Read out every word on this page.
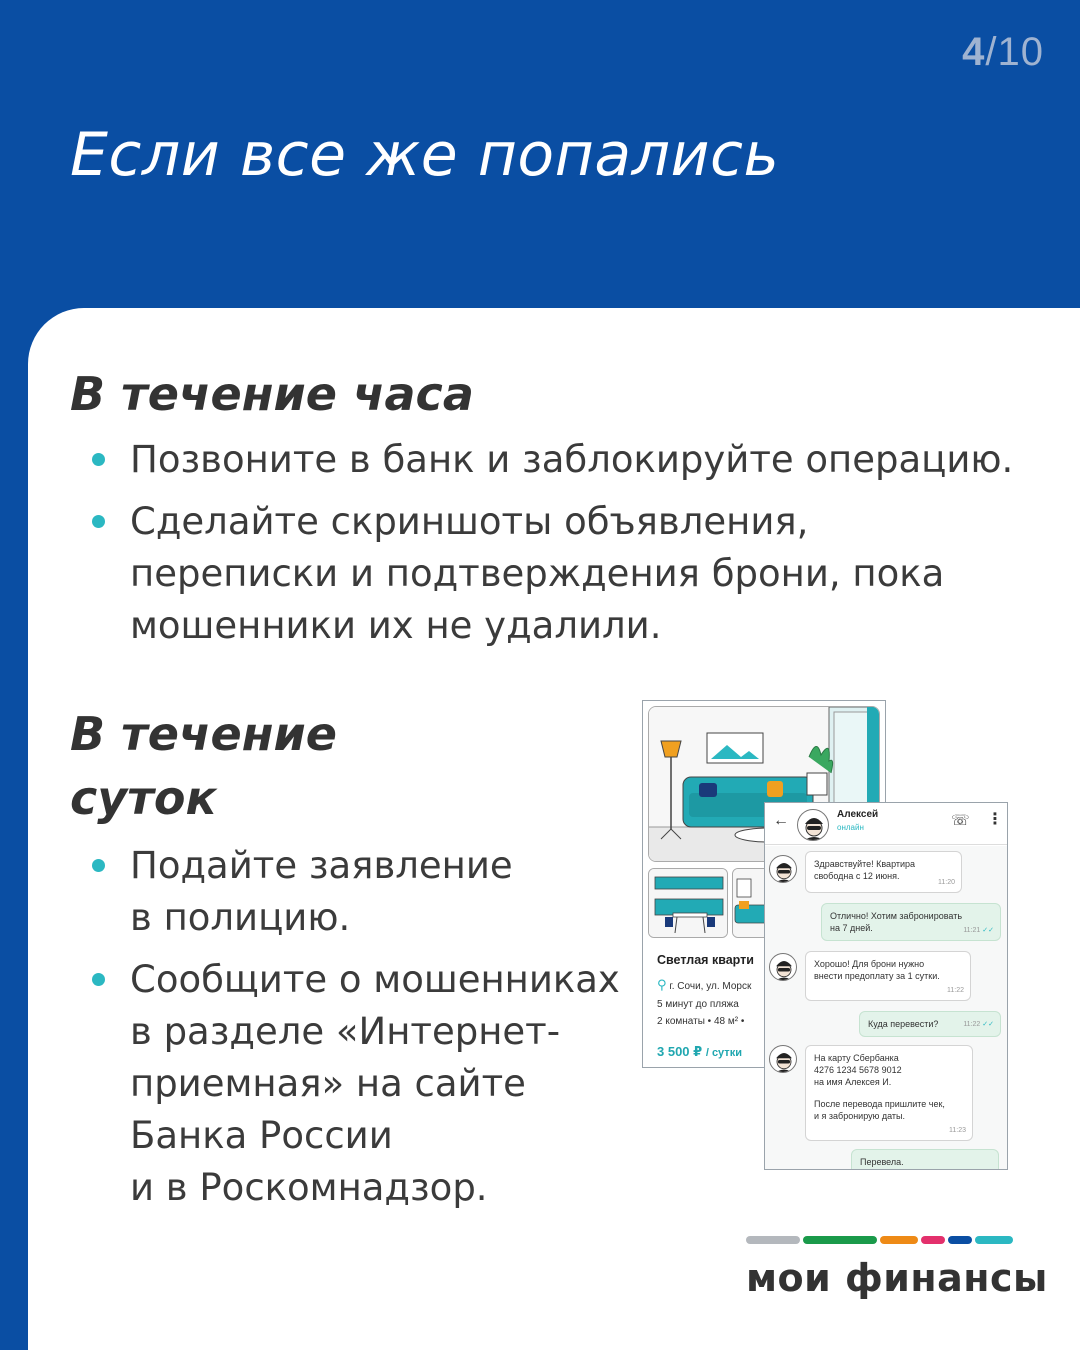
4/10
Если все же попались
В течение часа
Позвоните в банк и заблокируйте операцию.
Сделайте скриншоты объявления,
переписки и подтверждения брони, пока
мошенники их не удалили.
В течение
суток
Подайте заявление
в полицию.
Сообщите о мошенниках
в разделе «Интернет-
приемная» на сайте
Банка России
и в Роскомнадзор.
Светлая кварти
⚲ г. Сочи, ул. Морск
5 минут до пляжа
2 комнаты • 48 м² •
3 500 ₽ / сутки
←	Алексей
онлайн	☏ ⋮
Здравствуйте! Квартира
свободна с 12 июня.
11:20
Отлично! Хотим забронировать
на 7 дней.	11:21 ✓✓
Хорошо! Для брони нужно
внести предоплату за 1 сутки.
11:22
Куда перевести?	11:22 ✓✓
На карту Сбербанка
4276 1234 5678 9012
на имя Алексея И.

После перевода пришлите чек,
и я забронирую даты.
11:23
Перевела.
мои финансы
